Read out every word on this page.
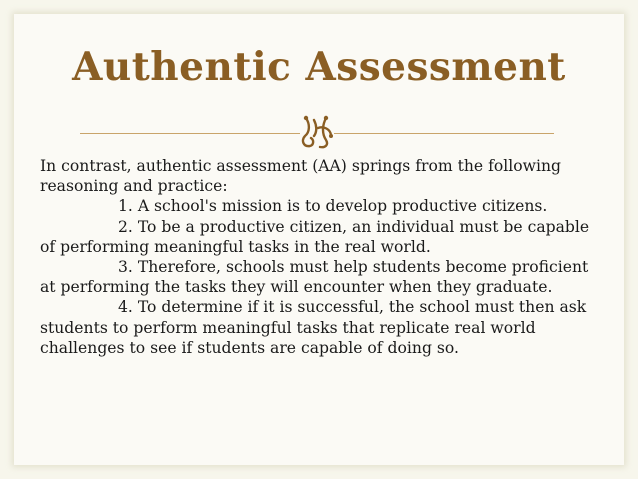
Authentic Assessment

In contrast, authentic assessment (AA) springs from the following reasoning and practice:

1. A school's mission is to develop productive citizens.

2. To be a productive citizen, an individual must be capable of performing meaningful tasks in the real world.

3. Therefore, schools must help students become proficient at performing the tasks they will encounter when they graduate.

4. To determine if it is successful, the school must then ask students to perform meaningful tasks that replicate real world challenges to see if students are capable of doing so.
